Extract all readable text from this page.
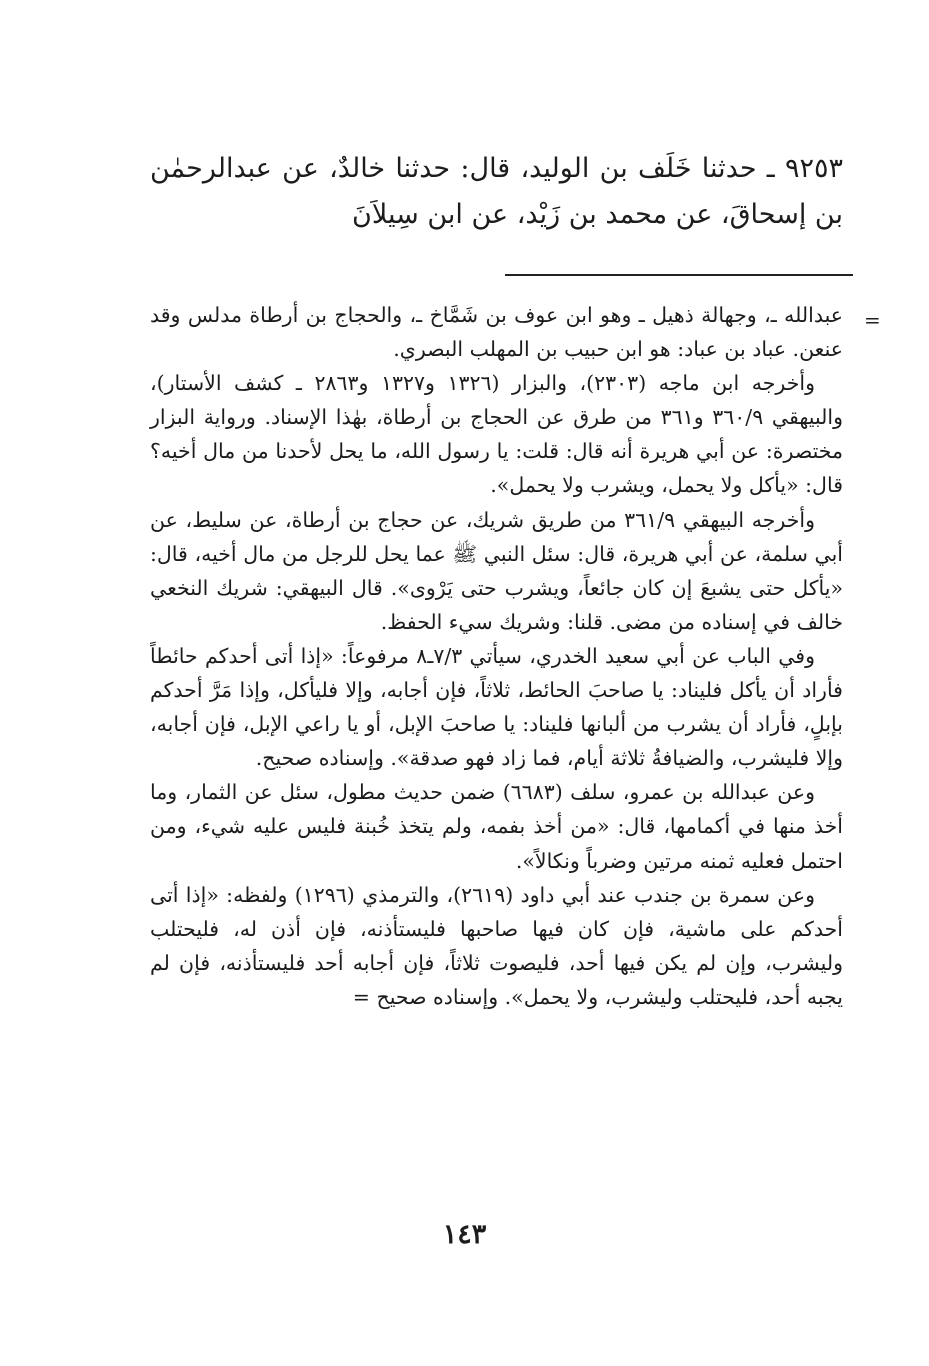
٩٢٥٣ ـ حدثنا خَلَف بن الوليد، قال: حدثنا خالدٌ، عن عبدالرحمٰن بن إسحاقَ، عن محمد بن زَيْد، عن ابن سِيلاَنَ

=

عبدالله ـ، وجهالة ذهيل ـ وهو ابن عوف بن شَمَّاخ ـ، والحجاج بن أرطاة مدلس وقد عنعن. عباد بن عباد: هو ابن حبيب بن المهلب البصري.

وأخرجه ابن ماجه (٢٣٠٣)، والبزار (١٣٢٦ و١٣٢٧ و٢٨٦٣ ـ كشف الأستار)، والبيهقي ٣٦٠/٩ و٣٦١ من طرق عن الحجاج بن أرطاة، بهٰذا الإسناد. ورواية البزار مختصرة: عن أبي هريرة أنه قال: قلت: يا رسول الله، ما يحل لأحدنا من مال أخيه؟ قال: «يأكل ولا يحمل، ويشرب ولا يحمل».

وأخرجه البيهقي ٣٦١/٩ من طريق شريك، عن حجاج بن أرطاة، عن سليط، عن أبي سلمة، عن أبي هريرة، قال: سئل النبي ﷺ عما يحل للرجل من مال أخيه، قال: «يأكل حتى يشبعَ إن كان جائعاً، ويشرب حتى يَرْوى». قال البيهقي: شريك النخعي خالف في إسناده من مضى. قلنا: وشريك سيء الحفظ.

وفي الباب عن أبي سعيد الخدري، سيأتي ٧/٣ـ٨ مرفوعاً: «إذا أتى أحدكم حائطاً فأراد أن يأكل فليناد: يا صاحبَ الحائط، ثلاثاً، فإن أجابه، وإلا فليأكل، وإذا مَرَّ أحدكم بإبلٍ، فأراد أن يشرب من ألبانها فليناد: يا صاحبَ الإبل، أو يا راعي الإبل، فإن أجابه، وإلا فليشرب، والضيافةُ ثلاثة أيام، فما زاد فهو صدقة». وإسناده صحيح.

وعن عبدالله بن عمرو، سلف (٦٦٨٣) ضمن حديث مطول، سئل عن الثمار، وما أخذ منها في أكمامها، قال: «من أخذ بفمه، ولم يتخذ خُبنة فليس عليه شيء، ومن احتمل فعليه ثمنه مرتين وضرباً ونكالاً».

وعن سمرة بن جندب عند أبي داود (٢٦١٩)، والترمذي (١٢٩٦) ولفظه: «إذا أتى أحدكم على ماشية، فإن كان فيها صاحبها فليستأذنه، فإن أذن له، فليحتلب وليشرب، وإن لم يكن فيها أحد، فليصوت ثلاثاً، فإن أجابه أحد فليستأذنه، فإن لم يجبه أحد، فليحتلب وليشرب، ولا يحمل». وإسناده صحيح =

١٤٣
